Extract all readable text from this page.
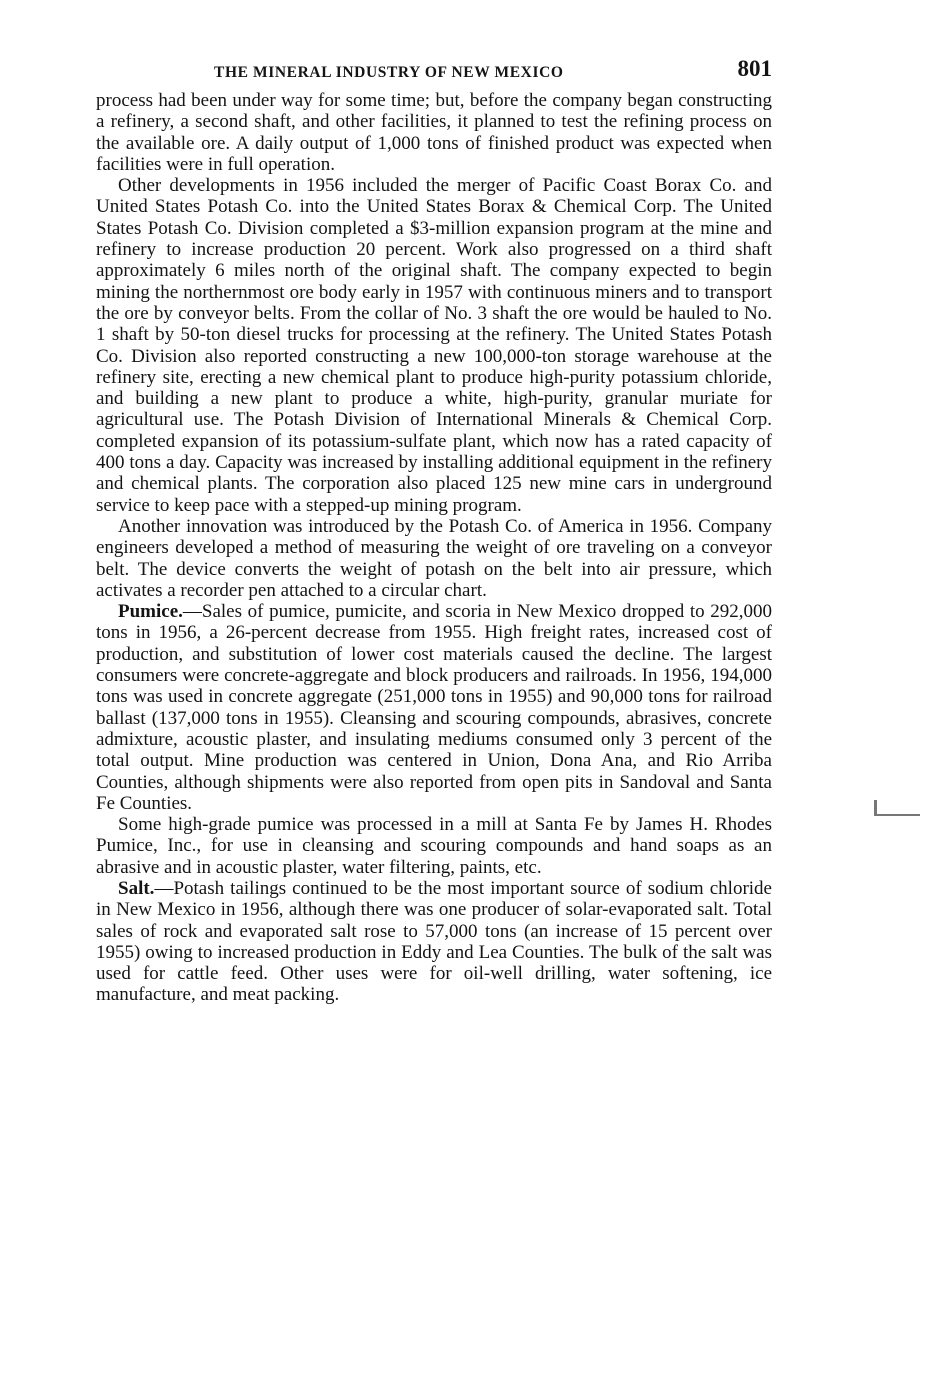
THE MINERAL INDUSTRY OF NEW MEXICO	801

process had been under way for some time; but, before the company began constructing a refinery, a second shaft, and other facilities, it planned to test the refining process on the available ore. A daily output of 1,000 tons of finished product was expected when facilities were in full operation.

Other developments in 1956 included the merger of Pacific Coast Borax Co. and United States Potash Co. into the United States Borax & Chemical Corp. The United States Potash Co. Division completed a $3-million expansion program at the mine and refinery to increase production 20 percent. Work also progressed on a third shaft approximately 6 miles north of the original shaft. The company expected to begin mining the northernmost ore body early in 1957 with continuous miners and to transport the ore by conveyor belts. From the collar of No. 3 shaft the ore would be hauled to No. 1 shaft by 50-ton diesel trucks for processing at the refinery. The United States Potash Co. Division also reported constructing a new 100,000-ton storage warehouse at the refinery site, erecting a new chemical plant to produce high-purity potassium chloride, and building a new plant to produce a white, high-purity, granular muriate for agricultural use. The Potash Division of International Minerals & Chemical Corp. completed expansion of its potassium-sulfate plant, which now has a rated capacity of 400 tons a day. Capacity was increased by installing additional equipment in the refinery and chemical plants. The corporation also placed 125 new mine cars in underground service to keep pace with a stepped-up mining program.

Another innovation was introduced by the Potash Co. of America in 1956. Company engineers developed a method of measuring the weight of ore traveling on a conveyor belt. The device converts the weight of potash on the belt into air pressure, which activates a recorder pen attached to a circular chart.

Pumice.—Sales of pumice, pumicite, and scoria in New Mexico dropped to 292,000 tons in 1956, a 26-percent decrease from 1955. High freight rates, increased cost of production, and substitution of lower cost materials caused the decline. The largest consumers were concrete-aggregate and block producers and railroads. In 1956, 194,000 tons was used in concrete aggregate (251,000 tons in 1955) and 90,000 tons for railroad ballast (137,000 tons in 1955). Cleansing and scouring compounds, abrasives, concrete admixture, acoustic plaster, and insulating mediums consumed only 3 percent of the total output. Mine production was centered in Union, Dona Ana, and Rio Arriba Counties, although shipments were also reported from open pits in Sandoval and Santa Fe Counties.

Some high-grade pumice was processed in a mill at Santa Fe by James H. Rhodes Pumice, Inc., for use in cleansing and scouring compounds and hand soaps as an abrasive and in acoustic plaster, water filtering, paints, etc.

Salt.—Potash tailings continued to be the most important source of sodium chloride in New Mexico in 1956, although there was one producer of solar-evaporated salt. Total sales of rock and evaporated salt rose to 57,000 tons (an increase of 15 percent over 1955) owing to increased production in Eddy and Lea Counties. The bulk of the salt was used for cattle feed. Other uses were for oil-well drilling, water softening, ice manufacture, and meat packing.
